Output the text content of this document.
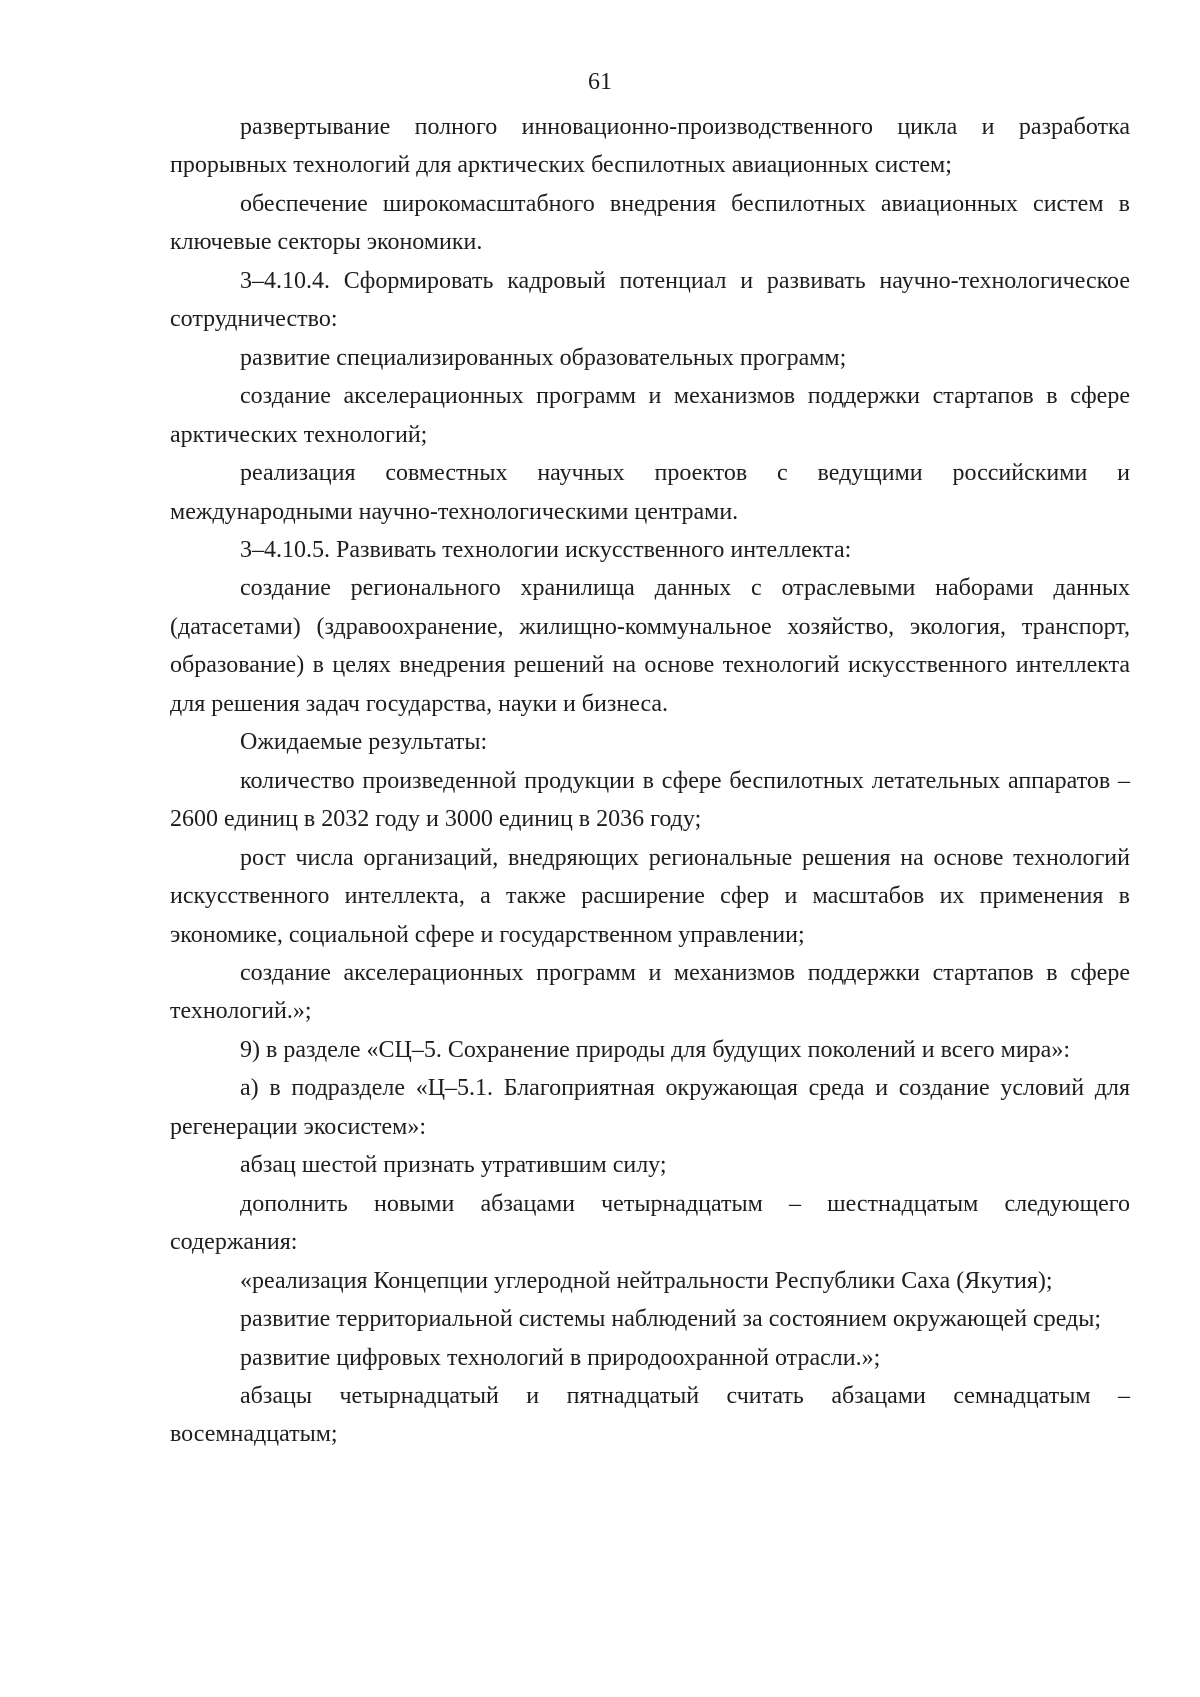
61

развертывание полного инновационно-производственного цикла и разработка прорывных технологий для арктических беспилотных авиационных систем;

обеспечение широкомасштабного внедрения беспилотных авиационных систем в ключевые секторы экономики.

3–4.10.4. Сформировать кадровый потенциал и развивать научно-технологическое сотрудничество:

развитие специализированных образовательных программ;

создание акселерационных программ и механизмов поддержки стартапов в сфере арктических технологий;

реализация совместных научных проектов с ведущими российскими и международными научно-технологическими центрами.

3–4.10.5. Развивать технологии искусственного интеллекта:

создание регионального хранилища данных с отраслевыми наборами данных (датасетами) (здравоохранение, жилищно-коммунальное хозяйство, экология, транспорт, образование) в целях внедрения решений на основе технологий искусственного интеллекта для решения задач государства, науки и бизнеса.

Ожидаемые результаты:

количество произведенной продукции в сфере беспилотных летательных аппаратов – 2600 единиц в 2032 году и 3000 единиц в 2036 году;

рост числа организаций, внедряющих региональные решения на основе технологий искусственного интеллекта, а также расширение сфер и масштабов их применения в экономике, социальной сфере и государственном управлении;

создание акселерационных программ и механизмов поддержки стартапов в сфере технологий.»;

9) в разделе «СЦ–5. Сохранение природы для будущих поколений и всего мира»:

а) в подразделе «Ц–5.1. Благоприятная окружающая среда и создание условий для регенерации экосистем»:

абзац шестой признать утратившим силу;

дополнить новыми абзацами четырнадцатым – шестнадцатым следующего содержания:

«реализация Концепции углеродной нейтральности Республики Саха (Якутия);

развитие территориальной системы наблюдений за состоянием окружающей среды;

развитие цифровых технологий в природоохранной отрасли.»;

абзацы четырнадцатый и пятнадцатый считать абзацами семнадцатым – восемнадцатым;
